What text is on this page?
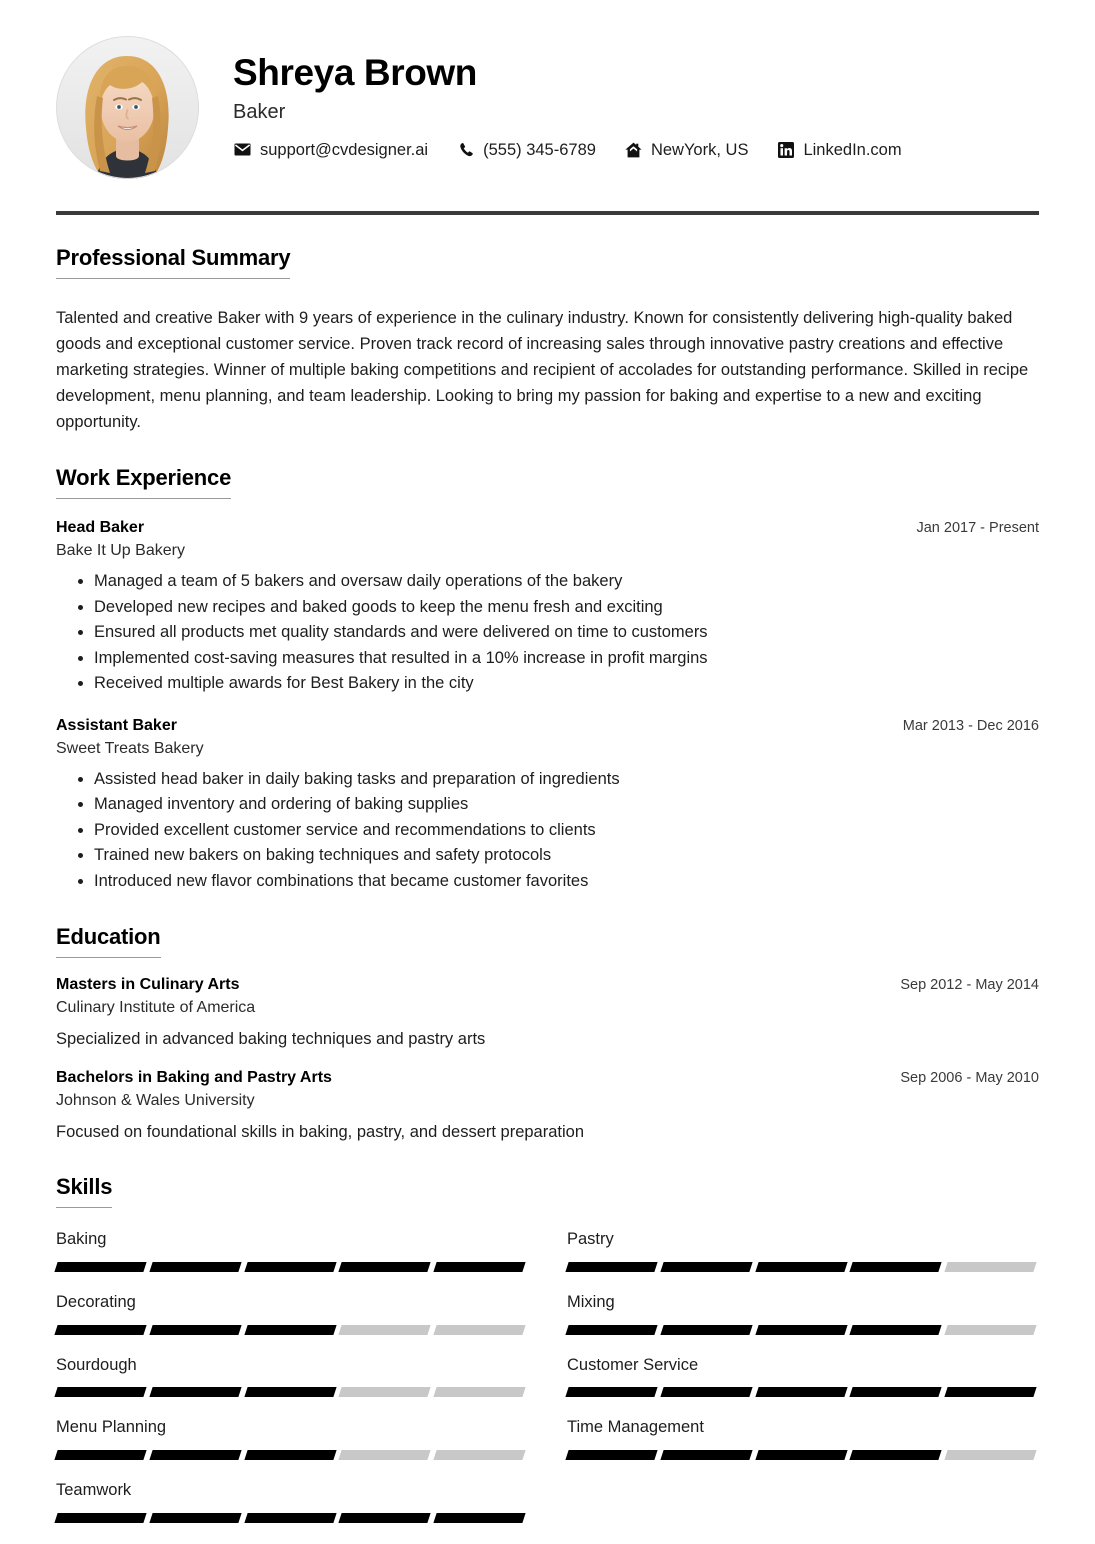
Shreya Brown
Baker
support@cvdesigner.ai	(555) 345-6789	NewYork, US	LinkedIn.com
Professional Summary

Talented and creative Baker with 9 years of experience in the culinary industry. Known for consistently delivering high-quality baked goods and exceptional customer service. Proven track record of increasing sales through innovative pastry creations and effective marketing strategies. Winner of multiple baking competitions and recipient of accolades for outstanding performance. Skilled in recipe development, menu planning, and team leadership. Looking to bring my passion for baking and expertise to a new and exciting opportunity.

Work Experience
Head Baker	Jan 2017 - Present
Bake It Up Bakery
• Managed a team of 5 bakers and oversaw daily operations of the bakery
• Developed new recipes and baked goods to keep the menu fresh and exciting
• Ensured all products met quality standards and were delivered on time to customers
• Implemented cost-saving measures that resulted in a 10% increase in profit margins
• Received multiple awards for Best Bakery in the city
Assistant Baker	Mar 2013 - Dec 2016
Sweet Treats Bakery
• Assisted head baker in daily baking tasks and preparation of ingredients
• Managed inventory and ordering of baking supplies
• Provided excellent customer service and recommendations to clients
• Trained new bakers on baking techniques and safety protocols
• Introduced new flavor combinations that became customer favorites
Education
Masters in Culinary Arts	Sep 2012 - May 2014
Culinary Institute of America
Specialized in advanced baking techniques and pastry arts
Bachelors in Baking and Pastry Arts	Sep 2006 - May 2010
Johnson & Wales University
Focused on foundational skills in baking, pastry, and dessert preparation
Skills
Baking	Pastry
Decorating	Mixing
Sourdough	Customer Service
Menu Planning	Time Management
Teamwork
